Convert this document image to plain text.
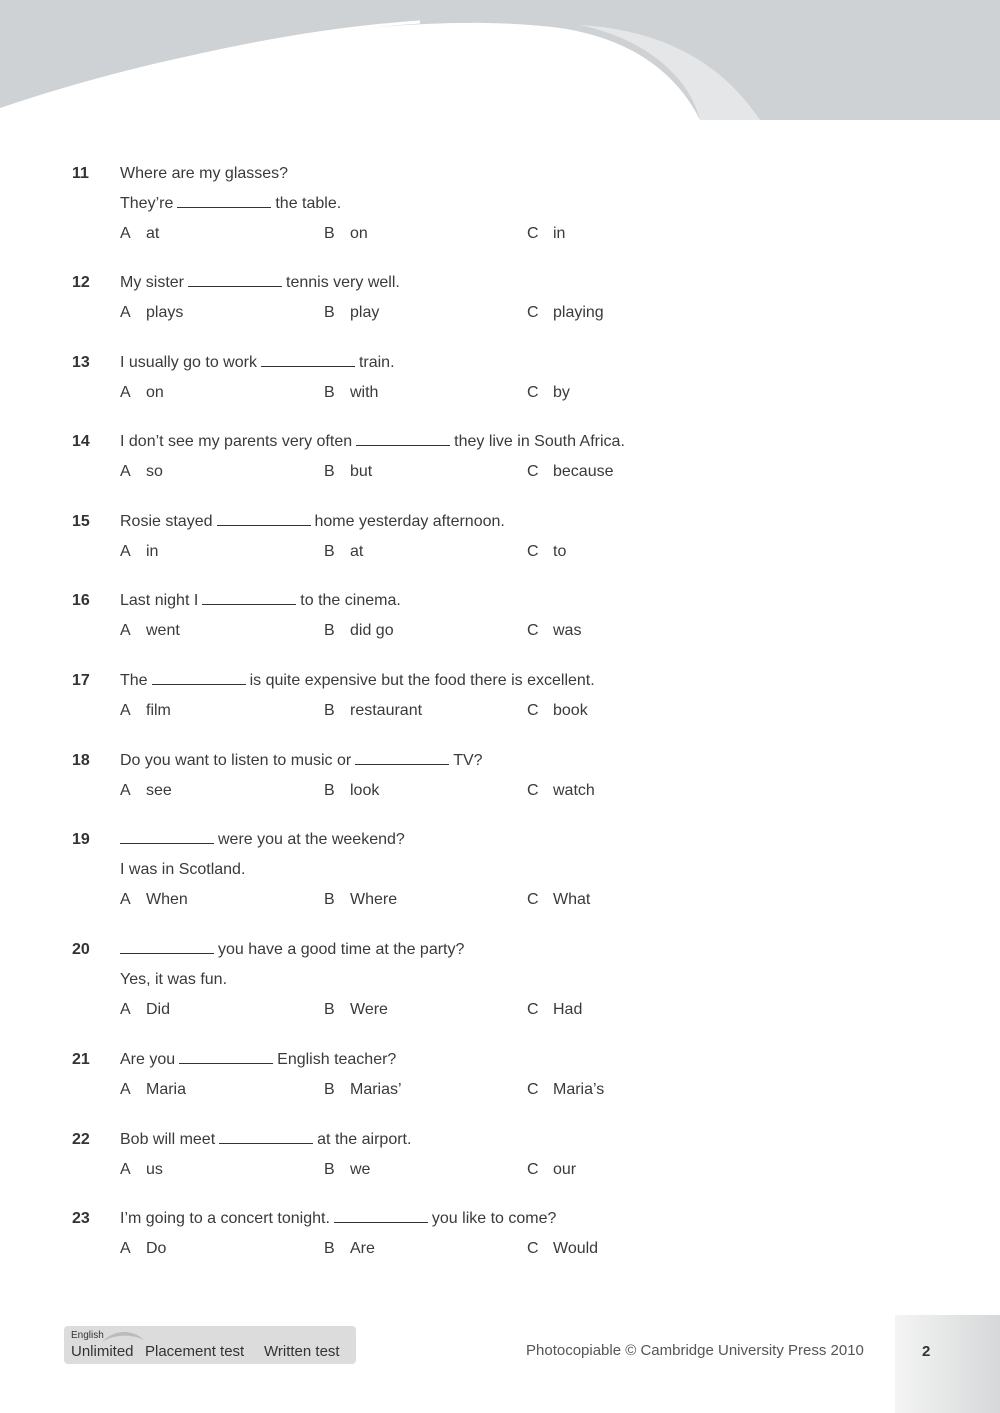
11 Where are my glasses?
They’re	the table.
A at	B on	C in
12 My sister	tennis very well.
A plays	B play	C playing
13 I usually go to work	train.
A on	B with	C by
14 I don’t see my parents very often	they live in South Africa.
A so	B but	C because
15 Rosie stayed	home yesterday afternoon.
A in	B at	C to
16 Last night I	to the cinema.
A went	B did go	C was
17 The	is quite expensive but the food there is excellent.
A film	B restaurant	C book
18 Do you want to listen to music or	TV?
A see	B look	C watch
19	were you at the weekend?
I was in Scotland.
A When	B Where	C What
20	you have a good time at the party?
Yes, it was fun.
A Did	B Were	C Had
21 Are you	English teacher?
A Maria	B Marias’	C Maria’s
22 Bob will meet	at the airport.
A us	B we	C our
23 I’m going to a concert tonight.	you like to come?
A Do	B Are	C Would
English
Unlimited Placement test Written test	Photocopiable © Cambridge University Press 2010	2
